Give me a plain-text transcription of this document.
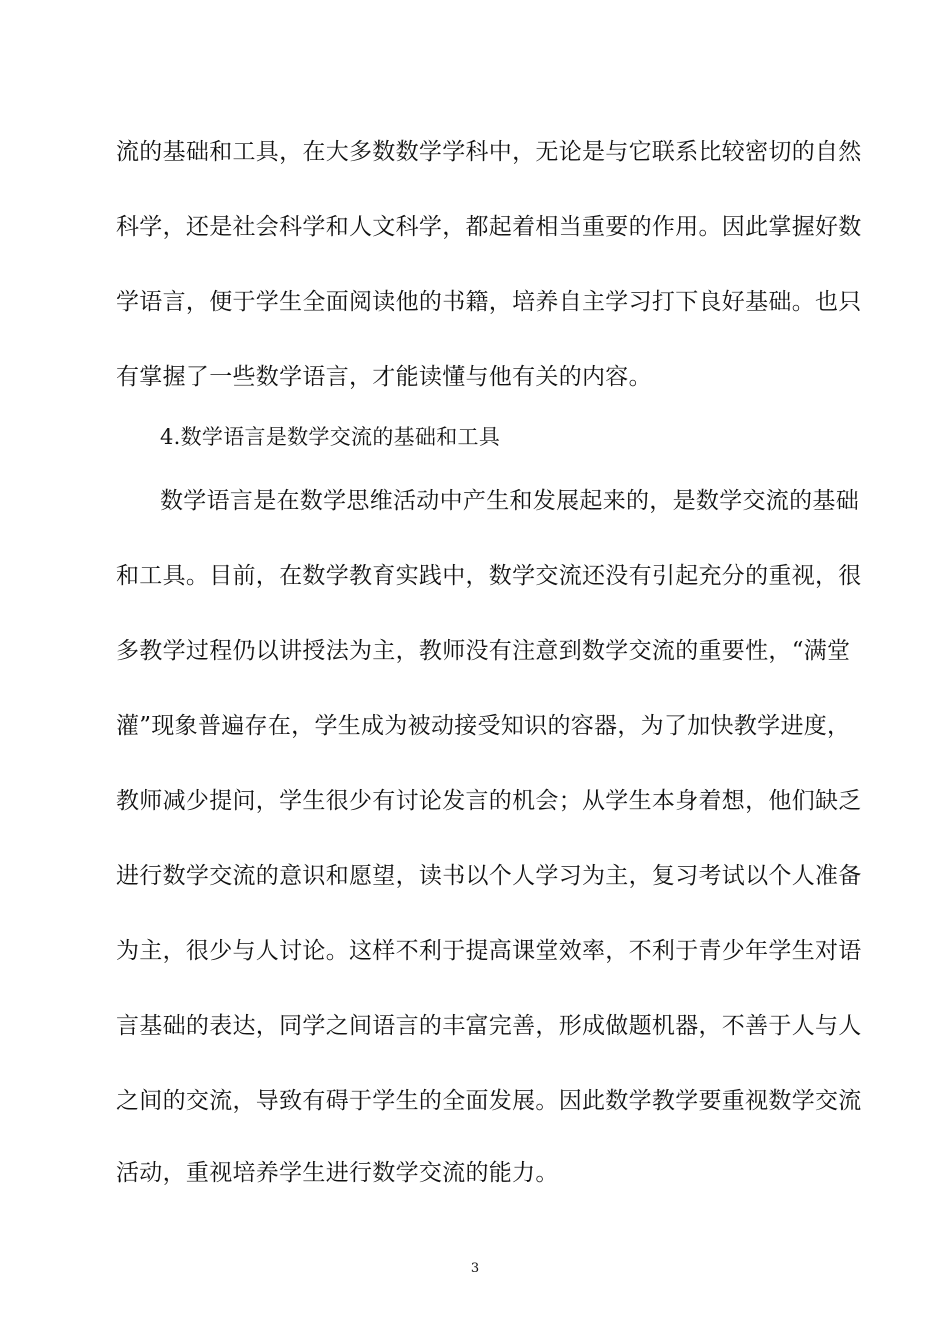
流的基础和工具，在大多数数学学科中，无论是与它联系比较密切的自然
科学，还是社会科学和人文科学，都起着相当重要的作用。因此掌握好数
学语言，便于学生全面阅读他的书籍，培养自主学习打下良好基础。也只
有掌握了一些数学语言，才能读懂与他有关的内容。
4.数学语言是数学交流的基础和工具
数学语言是在数学思维活动中产生和发展起来的，是数学交流的基础
和工具。目前，在数学教育实践中，数学交流还没有引起充分的重视，很
多教学过程仍以讲授法为主，教师没有注意到数学交流的重要性，“满堂
灌”现象普遍存在，学生成为被动接受知识的容器，为了加快教学进度，
教师减少提问，学生很少有讨论发言的机会；从学生本身着想，他们缺乏
进行数学交流的意识和愿望，读书以个人学习为主，复习考试以个人准备
为主，很少与人讨论。这样不利于提高课堂效率，不利于青少年学生对语
言基础的表达，同学之间语言的丰富完善，形成做题机器，不善于人与人
之间的交流，导致有碍于学生的全面发展。因此数学教学要重视数学交流
活动，重视培养学生进行数学交流的能力。
3
